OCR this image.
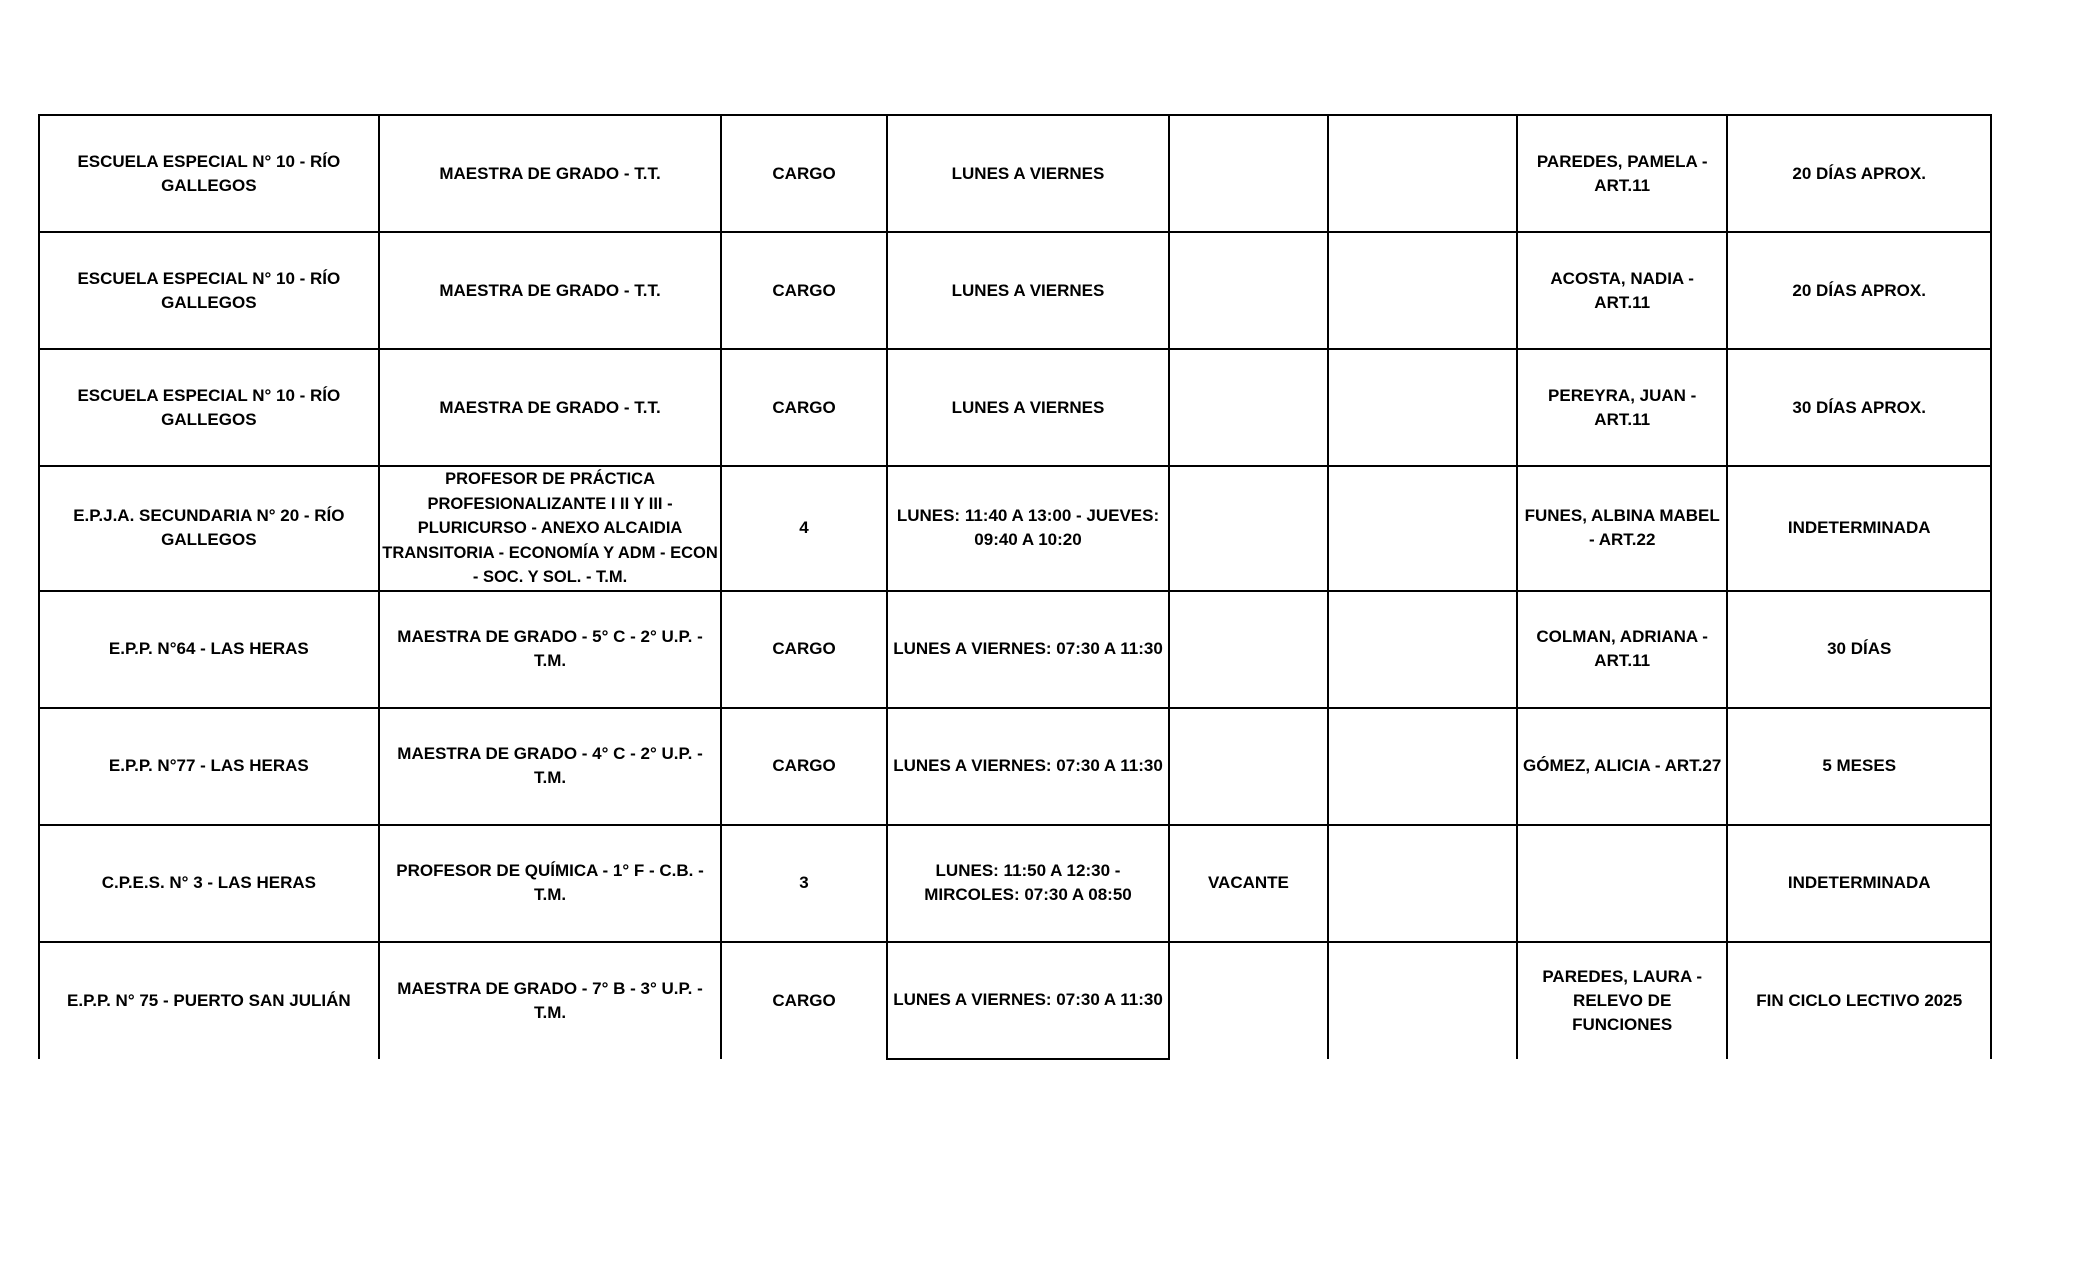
ESCUELA ESPECIAL N° 10 - RÍO GALLEGOS	MAESTRA DE GRADO - T.T.	CARGO	LUNES A VIERNES			PAREDES, PAMELA - ART.11	20 DÍAS APROX.
ESCUELA ESPECIAL N° 10 - RÍO GALLEGOS	MAESTRA DE GRADO - T.T.	CARGO	LUNES A VIERNES			ACOSTA, NADIA - ART.11	20 DÍAS APROX.
ESCUELA ESPECIAL N° 10 - RÍO GALLEGOS	MAESTRA DE GRADO - T.T.	CARGO	LUNES A VIERNES			PEREYRA, JUAN - ART.11	30 DÍAS APROX.
E.P.J.A. SECUNDARIA N° 20 - RÍO GALLEGOS	PROFESOR DE PRÁCTICA PROFESIONALIZANTE I II Y III - PLURICURSO - ANEXO ALCAIDIA TRANSITORIA - ECONOMÍA Y ADM - ECON - SOC. Y SOL. - T.M.	4	LUNES: 11:40 A 13:00 - JUEVES: 09:40 A 10:20			FUNES, ALBINA MABEL - ART.22	INDETERMINADA
E.P.P. N°64 - LAS HERAS	MAESTRA DE GRADO - 5° C - 2° U.P. - T.M.	CARGO	LUNES A VIERNES: 07:30 A 11:30			COLMAN, ADRIANA - ART.11	30 DÍAS
E.P.P. N°77 - LAS HERAS	MAESTRA DE GRADO - 4° C - 2° U.P. - T.M.	CARGO	LUNES A VIERNES: 07:30 A 11:30			GÓMEZ, ALICIA - ART.27	5 MESES
C.P.E.S. N° 3 - LAS HERAS	PROFESOR DE QUÍMICA - 1° F - C.B. - T.M.	3	LUNES: 11:50 A 12:30 - MIRCOLES: 07:30 A 08:50	VACANTE			INDETERMINADA
E.P.P. N° 75 - PUERTO SAN JULIÁN	MAESTRA DE GRADO - 7° B - 3° U.P. - T.M.	CARGO	LUNES A VIERNES: 07:30 A 11:30			PAREDES, LAURA - RELEVO DE FUNCIONES	FIN CICLO LECTIVO 2025
